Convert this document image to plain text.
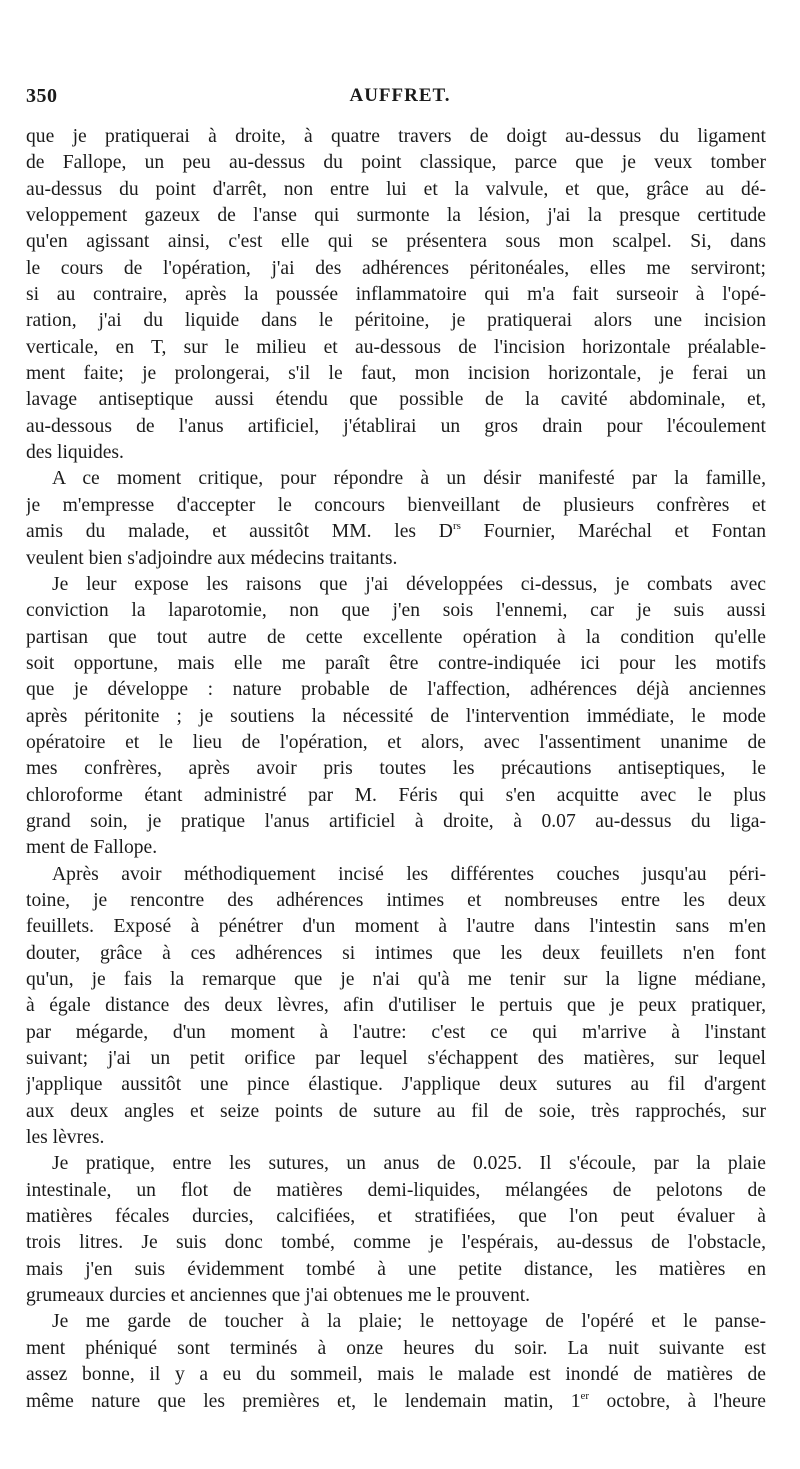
350	AUFFRET.
que je pratiquerai à droite, à quatre travers de doigt au-dessus du ligament
de Fallope, un peu au-dessus du point classique, parce que je veux tomber
au-dessus du point d'arrêt, non entre lui et la valvule, et que, grâce au dé-
veloppement gazeux de l'anse qui surmonte la lésion, j'ai la presque certitude
qu'en agissant ainsi, c'est elle qui se présentera sous mon scalpel. Si, dans
le cours de l'opération, j'ai des adhérences péritonéales, elles me serviront;
si au contraire, après la poussée inflammatoire qui m'a fait surseoir à l'opé-
ration, j'ai du liquide dans le péritoine, je pratiquerai alors une incision
verticale, en T, sur le milieu et au-dessous de l'incision horizontale préalable-
ment faite; je prolongerai, s'il le faut, mon incision horizontale, je ferai un
lavage antiseptique aussi étendu que possible de la cavité abdominale, et,
au-dessous de l'anus artificiel, j'établirai un gros drain pour l'écoulement
des liquides.
A ce moment critique, pour répondre à un désir manifesté par la famille,
je m'empresse d'accepter le concours bienveillant de plusieurs confrères et
amis du malade, et aussitôt MM. les $D^{rs}$ Fournier, Maréchal et Fontan
veulent bien s'adjoindre aux médecins traitants.
Je leur expose les raisons que j'ai développées ci-dessus, je combats avec
conviction la laparotomie, non que j'en sois l'ennemi, car je suis aussi
partisan que tout autre de cette excellente opération à la condition qu'elle
soit opportune, mais elle me paraît être contre-indiquée ici pour les motifs
que je développe : nature probable de l'affection, adhérences déjà anciennes
après péritonite ; je soutiens la nécessité de l'intervention immédiate, le mode
opératoire et le lieu de l'opération, et alors, avec l'assentiment unanime de
mes confrères, après avoir pris toutes les précautions antiseptiques, le
chloroforme étant administré par M. Féris qui s'en acquitte avec le plus
grand soin, je pratique l'anus artificiel à droite, à 0.07 au-dessus du liga-
ment de Fallope.
Après avoir méthodiquement incisé les différentes couches jusqu'au péri-
toine, je rencontre des adhérences intimes et nombreuses entre les deux
feuillets. Exposé à pénétrer d'un moment à l'autre dans l'intestin sans m'en
douter, grâce à ces adhérences si intimes que les deux feuillets n'en font
qu'un, je fais la remarque que je n'ai qu'à me tenir sur la ligne médiane,
à égale distance des deux lèvres, afin d'utiliser le pertuis que je peux pratiquer,
par mégarde, d'un moment à l'autre: c'est ce qui m'arrive à l'instant
suivant; j'ai un petit orifice par lequel s'échappent des matières, sur lequel
j'applique aussitôt une pince élastique. J'applique deux sutures au fil d'argent
aux deux angles et seize points de suture au fil de soie, très rapprochés, sur
les lèvres.
Je pratique, entre les sutures, un anus de 0.025. Il s'écoule, par la plaie
intestinale, un flot de matières demi-liquides, mélangées de pelotons de
matières fécales durcies, calcifiées, et stratifiées, que l'on peut évaluer à
trois litres. Je suis donc tombé, comme je l'espérais, au-dessus de l'obstacle,
mais j'en suis évidemment tombé à une petite distance, les matières en
grumeaux durcies et anciennes que j'ai obtenues me le prouvent.
Je me garde de toucher à la plaie; le nettoyage de l'opéré et le panse-
ment phéniqué sont terminés à onze heures du soir. La nuit suivante est
assez bonne, il y a eu du sommeil, mais le malade est inondé de matières de
même nature que les premières et, le lendemain matin, 1er octobre, à l'heure
